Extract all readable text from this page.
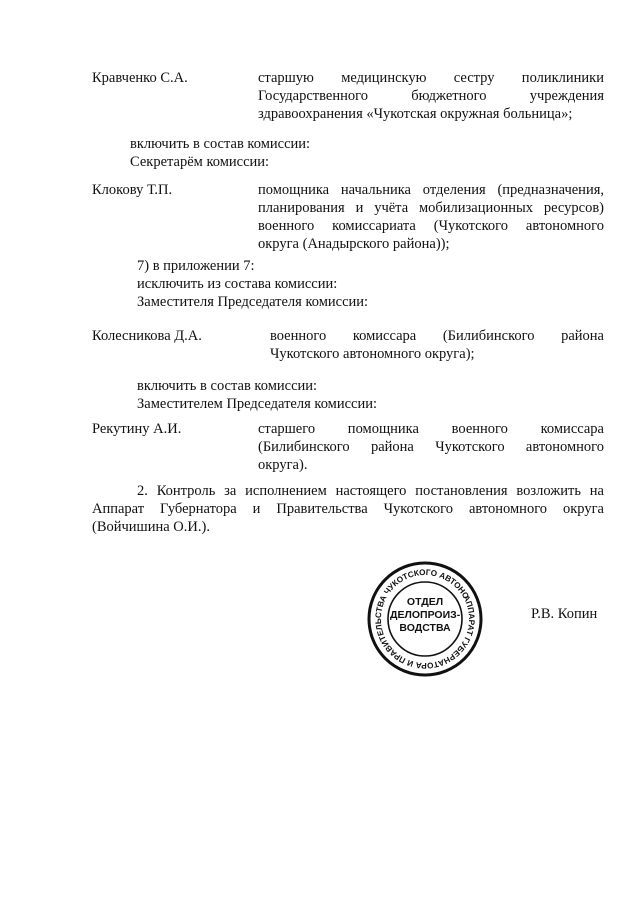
Кравченко С.А.	старшую медицинскую сестру поликлиники
Государственного бюджетного учреждения
здравоохранения «Чукотская окружная больница»;
включить в состав комиссии:
Секретарём комиссии:
Клокову Т.П.	помощника начальника отделения (предназначения,
планирования и учёта мобилизационных ресурсов)
военного комиссариата (Чукотского автономного
округа (Анадырского района));
7) в приложении 7:
исключить из состава комиссии:
Заместителя Председателя комиссии:
Колесникова Д.А.	военного комиссара (Билибинского района
Чукотского автономного округа);
включить в состав комиссии:
Заместителем Председателя комиссии:
Рекутину А.И.	старшего помощника военного комиссара
(Билибинского района Чукотского автономного
округа).
2. Контроль за исполнением настоящего постановления возложить на
Аппарат Губернатора и Правительства Чукотского автономного округа
(Войчишина О.И.).
АППАРАТ ГУБЕРНАТОРА И ПРАВИТЕЛЬСТВА ЧУКОТСКОГО АВТОНОМНОГО
ОТДЕЛ
ДЕЛОПРОИЗ-
ВОДСТВА
Р.В. Копин
